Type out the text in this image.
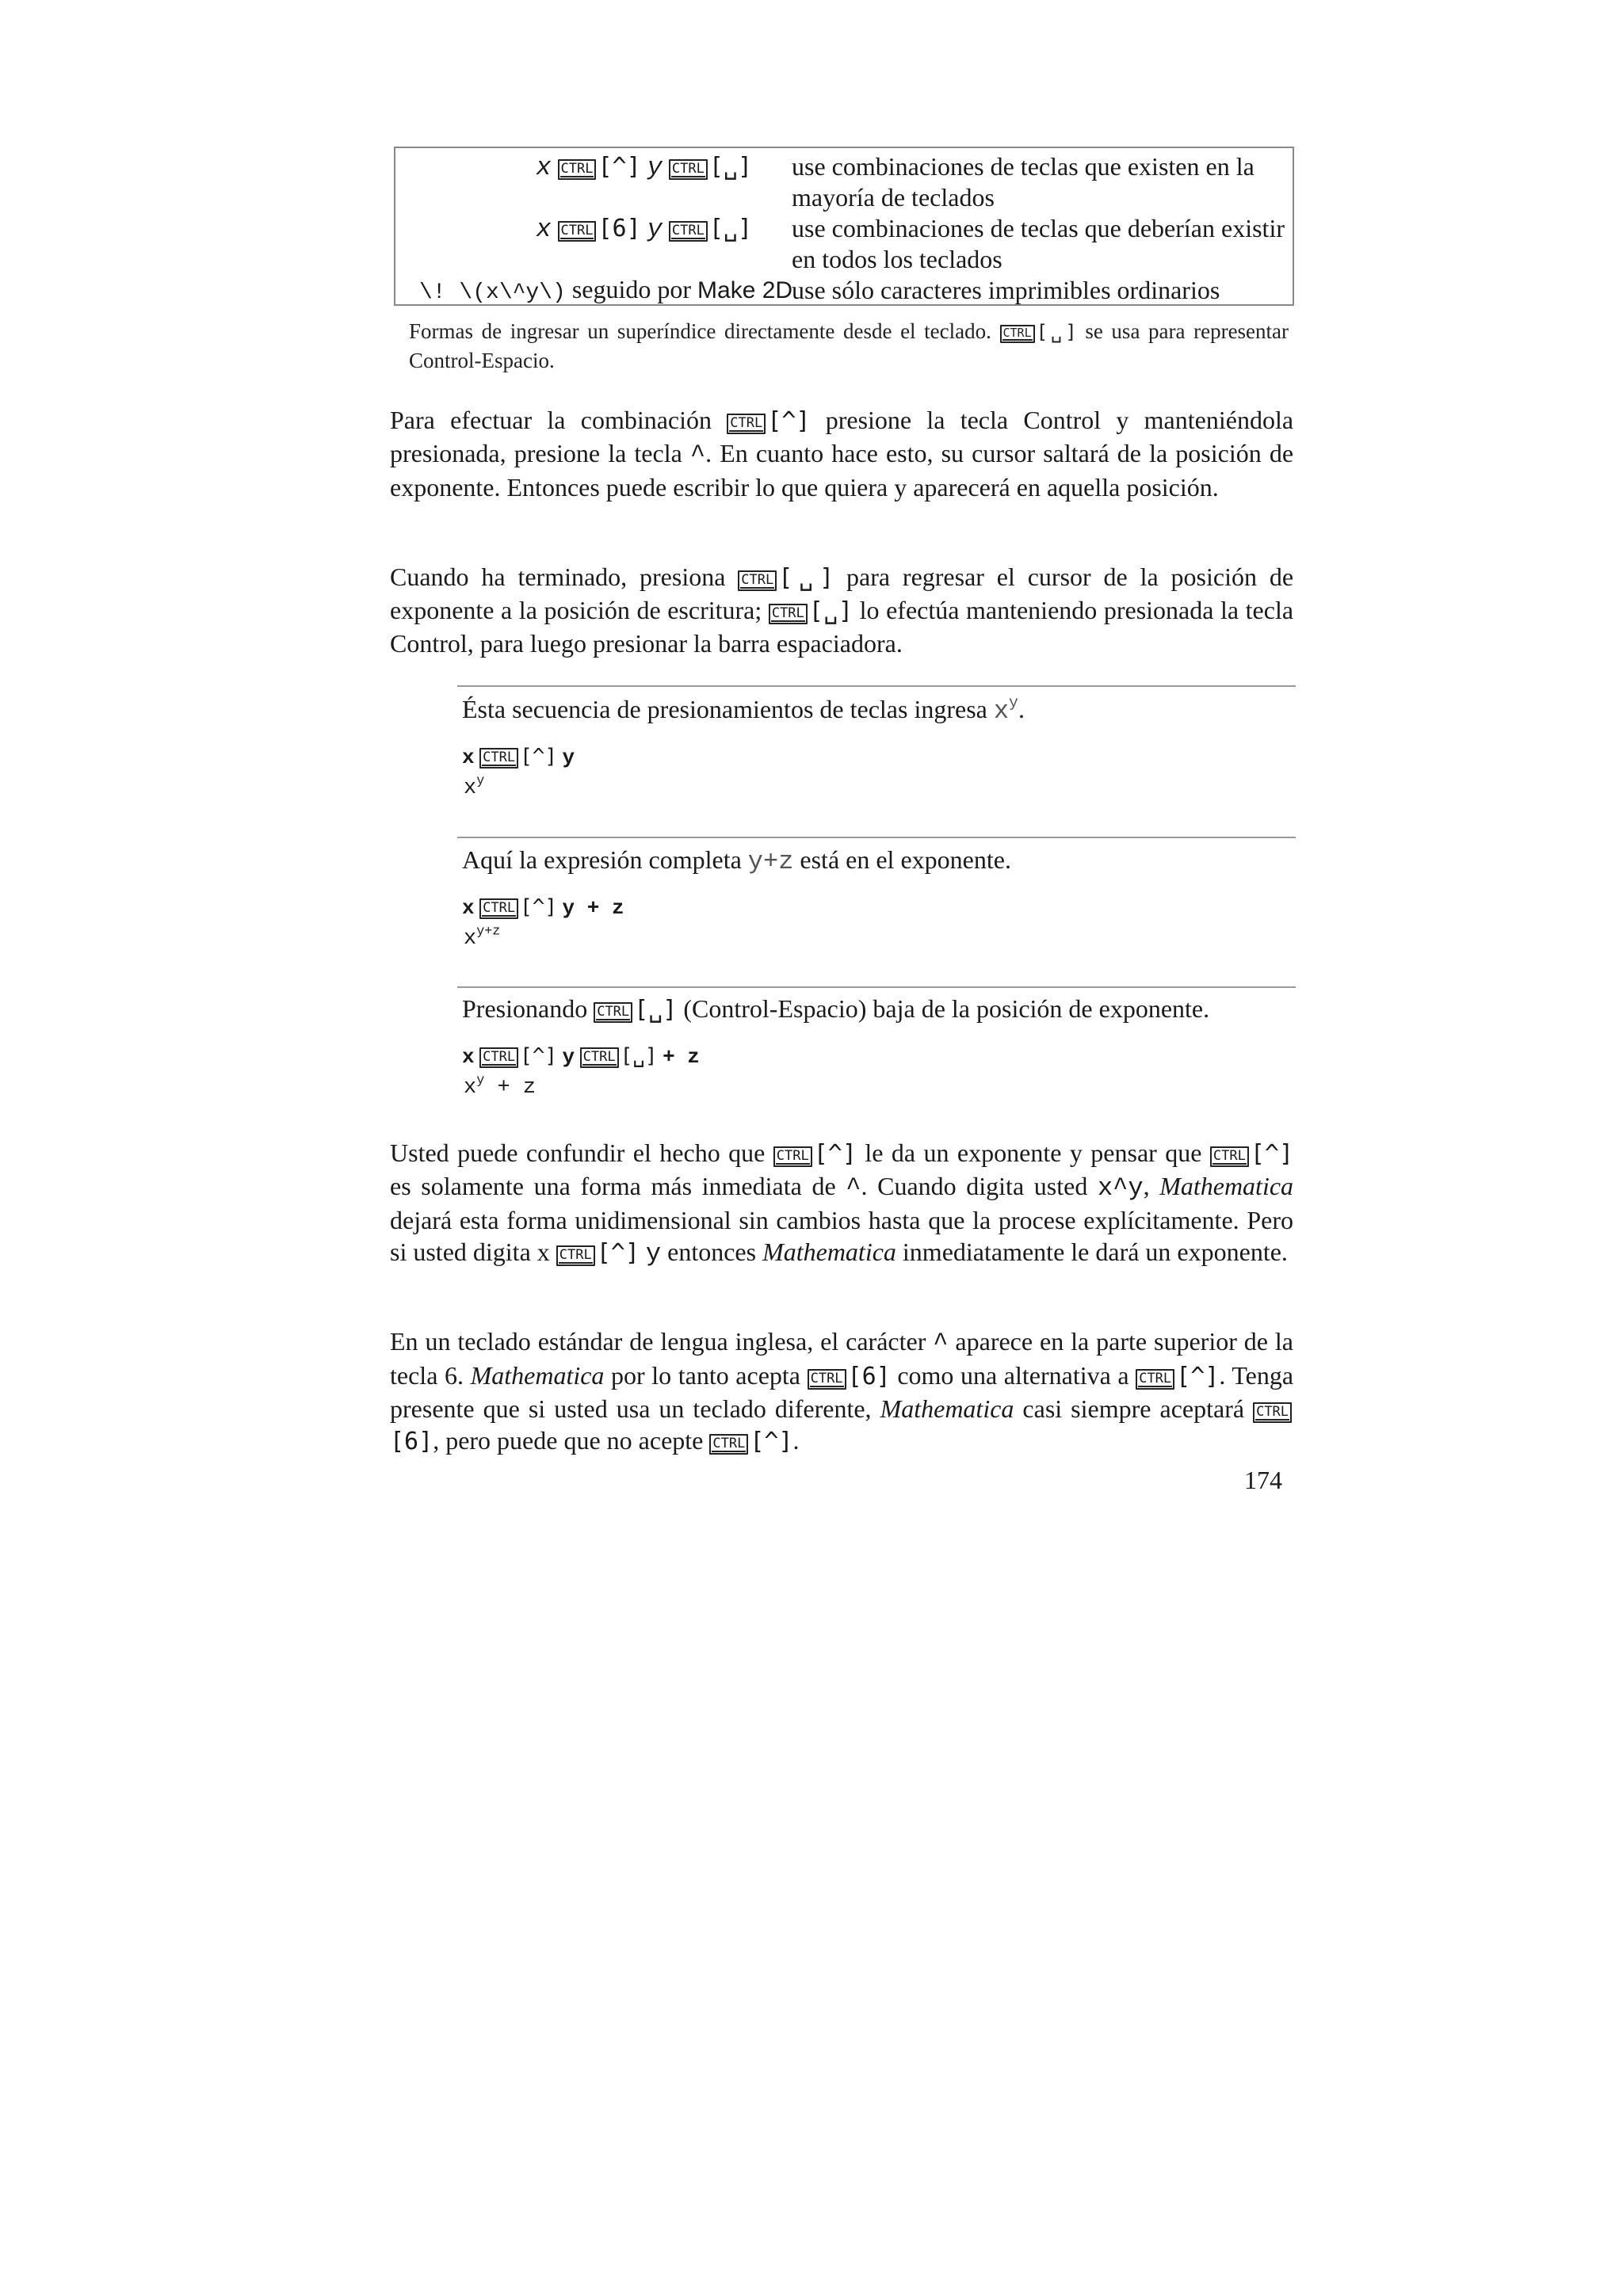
x CTRL [^] y CTRL [␣] use combinaciones de teclas que existen en la mayoría de teclados
x CTRL [6] y CTRL [␣] use combinaciones de teclas que deberían existir en todos los teclados
\! \(x\^y\) seguido por Make 2D
use sólo caracteres imprimibles ordinarios
Formas de ingresar un superíndice directamente desde el teclado. CTRL [␣] se usa para representar Control-Espacio.
Para efectuar la combinación CTRL [^] presione la tecla Control y manteniéndola presionada, presione la tecla ^. En cuanto hace esto, su cursor saltará de la posición de exponente. Entonces puede escribir lo que quiera y aparecerá en aquella posición.
Cuando ha terminado, presiona CTRL [␣] para regresar el cursor de la posición de exponente a la posición de escritura; CTRL [␣] lo efectúa manteniendo presionada la tecla Control, para luego presionar la barra espaciadora.
Ésta secuencia de presionamientos de teclas ingresa $x^y$.
x CTRL [^] y
$x^y$
Aquí la expresión completa y+z está en el exponente.
x CTRL [^] y + z
$x^{y+z}$
Presionando CTRL [␣] (Control-Espacio) baja de la posición de exponente.
x CTRL [^] y CTRL [␣] + z
$x^y + z$
Usted puede confundir el hecho que CTRL [^] le da un exponente y pensar que CTRL [^] es solamente una forma más inmediata de ^. Cuando digita usted x^y, Mathematica dejará esta forma unidimensional sin cambios hasta que la procese explícitamente. Pero si usted digita x CTRL [^] y entonces Mathematica inmediatamente le dará un exponente.
En un teclado estándar de lengua inglesa, el carácter ^ aparece en la parte superior de la tecla 6. Mathematica por lo tanto acepta CTRL [6] como una alternativa a CTRL [^]. Tenga presente que si usted usa un teclado diferente, Mathematica casi siempre aceptará CTRL[6], pero puede que no acepte CTRL [^].
174
